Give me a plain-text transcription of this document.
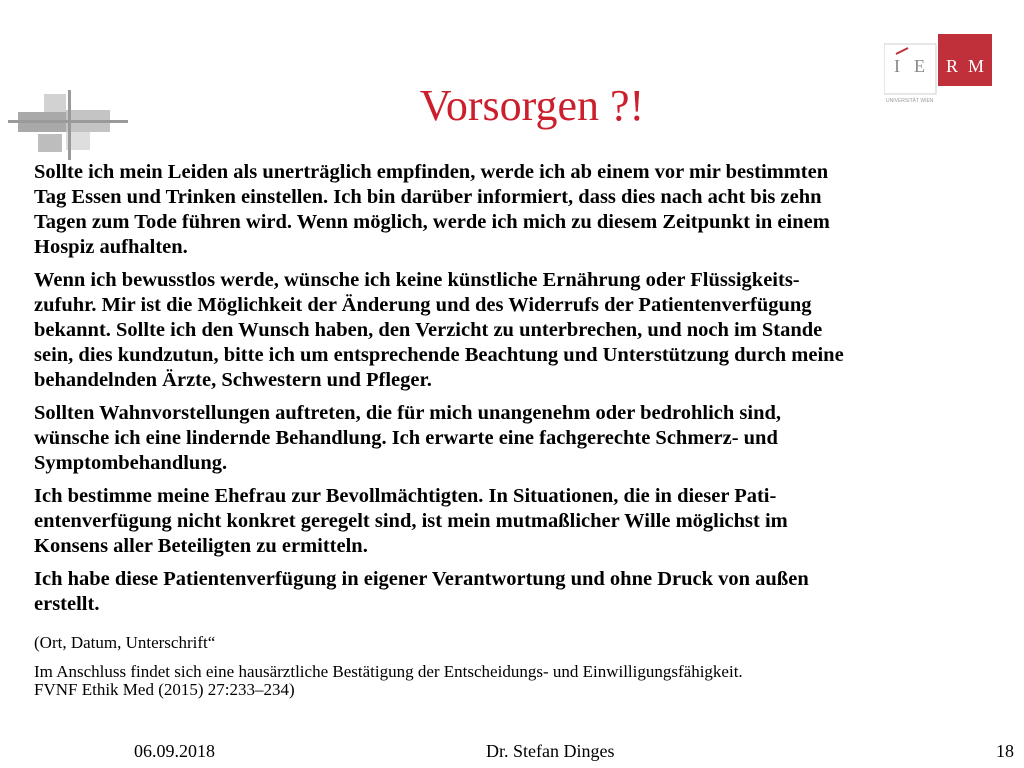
I E R M
UNIVERSITÄT WIEN
Vorsorgen ?!

Sollte ich mein Leiden als unerträglich empfinden, werde ich ab einem vor mir bestimmten
Tag Essen und Trinken einstellen. Ich bin darüber informiert, dass dies nach acht bis zehn
Tagen zum Tode führen wird. Wenn möglich, werde ich mich zu diesem Zeitpunkt in einem
Hospiz aufhalten.

Wenn ich bewusstlos werde, wünsche ich keine künstliche Ernährung oder Flüssigkeits-
zufuhr. Mir ist die Möglichkeit der Änderung und des Widerrufs der Patientenverfügung
bekannt. Sollte ich den Wunsch haben, den Verzicht zu unterbrechen, und noch im Stande
sein, dies kundzutun, bitte ich um entsprechende Beachtung und Unterstützung durch meine
behandelnden Ärzte, Schwestern und Pfleger.

Sollten Wahnvorstellungen auftreten, die für mich unangenehm oder bedrohlich sind,
wünsche ich eine lindernde Behandlung. Ich erwarte eine fachgerechte Schmerz- und
Symptombehandlung.

Ich bestimme meine Ehefrau zur Bevollmächtigten. In Situationen, die in dieser Pati-
entenverfügung nicht konkret geregelt sind, ist mein mutmaßlicher Wille möglichst im
Konsens aller Beteiligten zu ermitteln.

Ich habe diese Patientenverfügung in eigener Verantwortung und ohne Druck von außen
erstellt.

(Ort, Datum, Unterschrift“

Im Anschluss findet sich eine hausärztliche Bestätigung der Entscheidungs- und Einwilligungsfähigkeit.
FVNF Ethik Med (2015) 27:233–234)

06.09.2018	Dr. Stefan Dinges	18
